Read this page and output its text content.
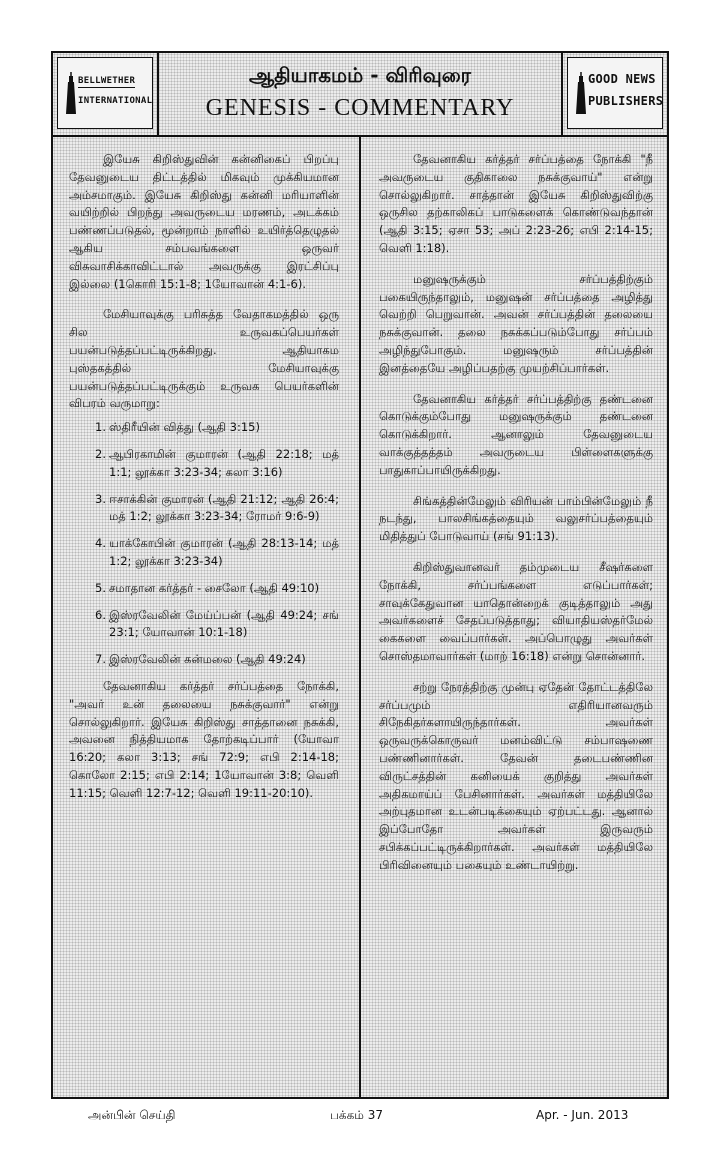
BELLWETHER
INTERNATIONAL
ஆதியாகமம் - விரிவுரை
GENESIS - COMMENTARY
GOOD NEWS
PUBLISHERS

இயேசு கிறிஸ்துவின் கன்னிகைப் பிறப்பு தேவனுடைய திட்டத்தில் மிகவும் முக்கியமான அம்சமாகும். இயேசு கிறிஸ்து கன்னி மரியாளின் வயிற்றில் பிறந்து அவருடைய மரணம், அடக்கம் பண்ணப்படுதல், மூன்றாம் நாளில் உயிர்த்தெழுதல் ஆகிய சம்பவங்களை ஒருவர் விசுவாசிக்காவிட்டால் அவருக்கு இரட்சிப்பு இல்லை (1கொரி 15:1-8; 1யோவான் 4:1-6).

மேசியாவுக்கு பரிசுத்த வேதாகமத்தில் ஒரு சில உருவகப்பெயர்கள் பயன்படுத்தப்பட்டிருக்கிறது. ஆதியாகம புஸ்தகத்தில் மேசியாவுக்கு பயன்படுத்தப்பட்டிருக்கும் உருவக பெயர்களின் விபரம் வருமாறு:

1. ஸ்திரீயின் வித்து (ஆதி 3:15)
2. ஆபிரகாமின் குமாரன் (ஆதி 22:18; மத் 1:1; லூக்கா 3:23-34; கலா 3:16)
3. ஈசாக்கின் குமாரன் (ஆதி 21:12; ஆதி 26:4; மத் 1:2; லூக்கா 3:23-34; ரோமர் 9:6-9)
4. யாக்கோபின் குமாரன் (ஆதி 28:13-14; மத் 1:2; லூக்கா 3:23-34)
5. சமாதான கர்த்தர் - சைலோ (ஆதி 49:10)
6. இஸ்ரவேலின் மேய்ப்பன் (ஆதி 49:24; சங் 23:1; யோவான் 10:1-18)
7. இஸ்ரவேலின் கன்மலை (ஆதி 49:24)

தேவனாகிய கர்த்தர் சர்ப்பத்தை நோக்கி, "அவர் உன் தலையை நசுக்குவார்" என்று சொல்லுகிறார். இயேசு கிறிஸ்து சாத்தானை நசுக்கி, அவனை நித்தியமாக தோற்கடிப்பார் (யோவா 16:20; கலா 3:13; சங் 72:9; எபி 2:14-18; கொலோ 2:15; எபி 2:14; 1யோவான் 3:8; வெளி 11:15; வெளி 12:7-12; வெளி 19:11-20:10).

தேவனாகிய கர்த்தர் சர்ப்பத்தை நோக்கி "நீ அவருடைய குதிகாலை நசுக்குவாய்" என்று சொல்லுகிறார். சாத்தான் இயேசு கிறிஸ்துவிற்கு ஒருசில தற்காலிகப் பாடுகளைக் கொண்டுவந்தான் (ஆதி 3:15; ஏசா 53; அப் 2:23-26; எபி 2:14-15; வெளி 1:18).

மனுஷருக்கும் சர்ப்பத்திற்கும் பகையிருந்தாலும், மனுஷன் சர்ப்பத்தை அழித்து வெற்றி பெறுவான். அவன் சர்ப்பத்தின் தலையை நசுக்குவான். தலை நசுக்கப்படும்போது சர்ப்பம் அழிந்துபோகும். மனுஷரும் சர்ப்பத்தின் இனத்தையே அழிப்பதற்கு முயற்சிப்பார்கள்.

தேவனாகிய கர்த்தர் சர்ப்பத்திற்கு தண்டனை கொடுக்கும்போது மனுஷருக்கும் தண்டனை கொடுக்கிறார். ஆனாலும் தேவனுடைய வாக்குத்தத்தம் அவருடைய பிள்ளைகளுக்கு பாதுகாப்பாயிருக்கிறது.

சிங்கத்தின்மேலும் விரியன் பாம்பின்மேலும் நீ நடந்து, பாலசிங்கத்தையும் வலுசர்ப்பத்தையும் மிதித்துப் போடுவாய் (சங் 91:13).

கிறிஸ்துவானவர் தம்முடைய சீஷர்களை நோக்கி, சர்ப்பங்களை எடுப்பார்கள்; சாவுக்கேதுவான யாதொன்றைக் குடித்தாலும் அது அவர்களைச் சேதப்படுத்தாது; வியாதியஸ்தர்மேல் கைகளை வைப்பார்கள். அப்பொழுது அவர்கள் சொஸ்தமாவார்கள் (மாற் 16:18) என்று சொன்னார்.

சற்று நேரத்திற்கு முன்பு ஏதேன் தோட்டத்திலே சர்ப்பமும் எதிரியானவரும் சிநேகிதர்களாயிருந்தார்கள். அவர்கள் ஒருவருக்கொருவர் மனம்விட்டு சம்பாஷணை பண்ணினார்கள். தேவன் தடைபண்ணின விருட்சத்தின் கனியைக் குறித்து அவர்கள் அதிகமாய்ப் பேசினார்கள். அவர்கள் மத்தியிலே அற்புதமான உடன்படிக்கையும் ஏற்பட்டது. ஆனால் இப்போதோ அவர்கள் இருவரும் சபிக்கப்பட்டிருக்கிறார்கள். அவர்கள் மத்தியிலே பிரிவினையும் பகையும் உண்டாயிற்று.

அன்பின் செய்தி	பக்கம் 37	Apr. - Jun. 2013
